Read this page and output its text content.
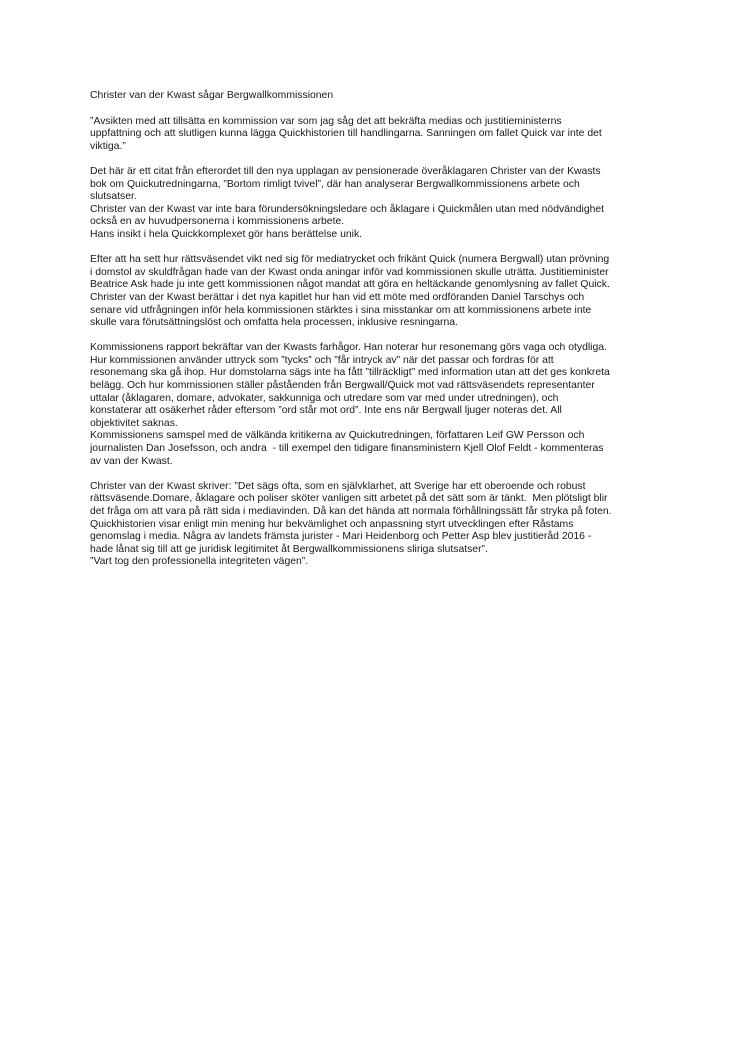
Christer van der Kwast sågar Bergwallkommissionen

”Avsikten med att tillsätta en kommission var som jag såg det att bekräfta medias och justitieministerns
uppfattning och att slutligen kunna lägga Quickhistorien till handlingarna. Sanningen om fallet Quick var inte det
viktiga.”

Det här är ett citat från efterordet till den nya upplagan av pensionerade överåklagaren Christer van der Kwasts
bok om Quickutredningarna, ”Bortom rimligt tvivel”, där han analyserar Bergwallkommissionens arbete och
slutsatser.
Christer van der Kwast var inte bara förundersökningsledare och åklagare i Quickmålen utan med nödvändighet
också en av huvudpersonerna i kommissionens arbete.
Hans insikt i hela Quickkomplexet gör hans berättelse unik.

Efter att ha sett hur rättsväsendet vikt ned sig för mediatrycket och frikänt Quick (numera Bergwall) utan prövning
i domstol av skuldfrågan hade van der Kwast onda aningar inför vad kommissionen skulle uträtta. Justitieminister
Beatrice Ask hade ju inte gett kommissionen något mandat att göra en heltäckande genomlysning av fallet Quick.
Christer van der Kwast berättar i det nya kapitlet hur han vid ett möte med ordföranden Daniel Tarschys och
senare vid utfrågningen inför hela kommissionen stärktes i sina misstankar om att kommissionens arbete inte
skulle vara förutsättningslöst och omfatta hela processen, inklusive resningarna.

Kommissionens rapport bekräftar van der Kwasts farhågor. Han noterar hur resonemang görs vaga och otydliga.
Hur kommissionen använder uttryck som ”tycks” och ”får intryck av” när det passar och fordras för att
resonemang ska gå ihop. Hur domstolarna sägs inte ha fått ”tillräckligt” med information utan att det ges konkreta
belägg. Och hur kommissionen ställer påståenden från Bergwall/Quick mot vad rättsväsendets representanter
uttalar (åklagaren, domare, advokater, sakkunniga och utredare som var med under utredningen), och
konstaterar att osäkerhet råder eftersom ”ord står mot ord”. Inte ens när Bergwall ljuger noteras det. All
objektivitet saknas.
Kommissionens samspel med de välkända kritikerna av Quickutredningen, författaren Leif GW Persson och
journalisten Dan Josefsson, och andra  - till exempel den tidigare finansministern Kjell Olof Feldt - kommenteras
av van der Kwast.

Christer van der Kwast skriver: ”Det sägs ofta, som en självklarhet, att Sverige har ett oberoende och robust
rättsväsende.Domare, åklagare och poliser sköter vanligen sitt arbetet på det sätt som är tänkt.  Men plötsligt blir
det fråga om att vara på rätt sida i mediavinden. Då kan det hända att normala förhållningssätt får stryka på foten.
Quickhistorien visar enligt min mening hur bekvämlighet och anpassning styrt utvecklingen efter Råstams
genomslag i media. Några av landets främsta jurister - Mari Heidenborg och Petter Asp blev justitieråd 2016 -
hade lånat sig till att ge juridisk legitimitet åt Bergwallkommissionens sliriga slutsatser”.
”Vart tog den professionella integriteten vägen”.
